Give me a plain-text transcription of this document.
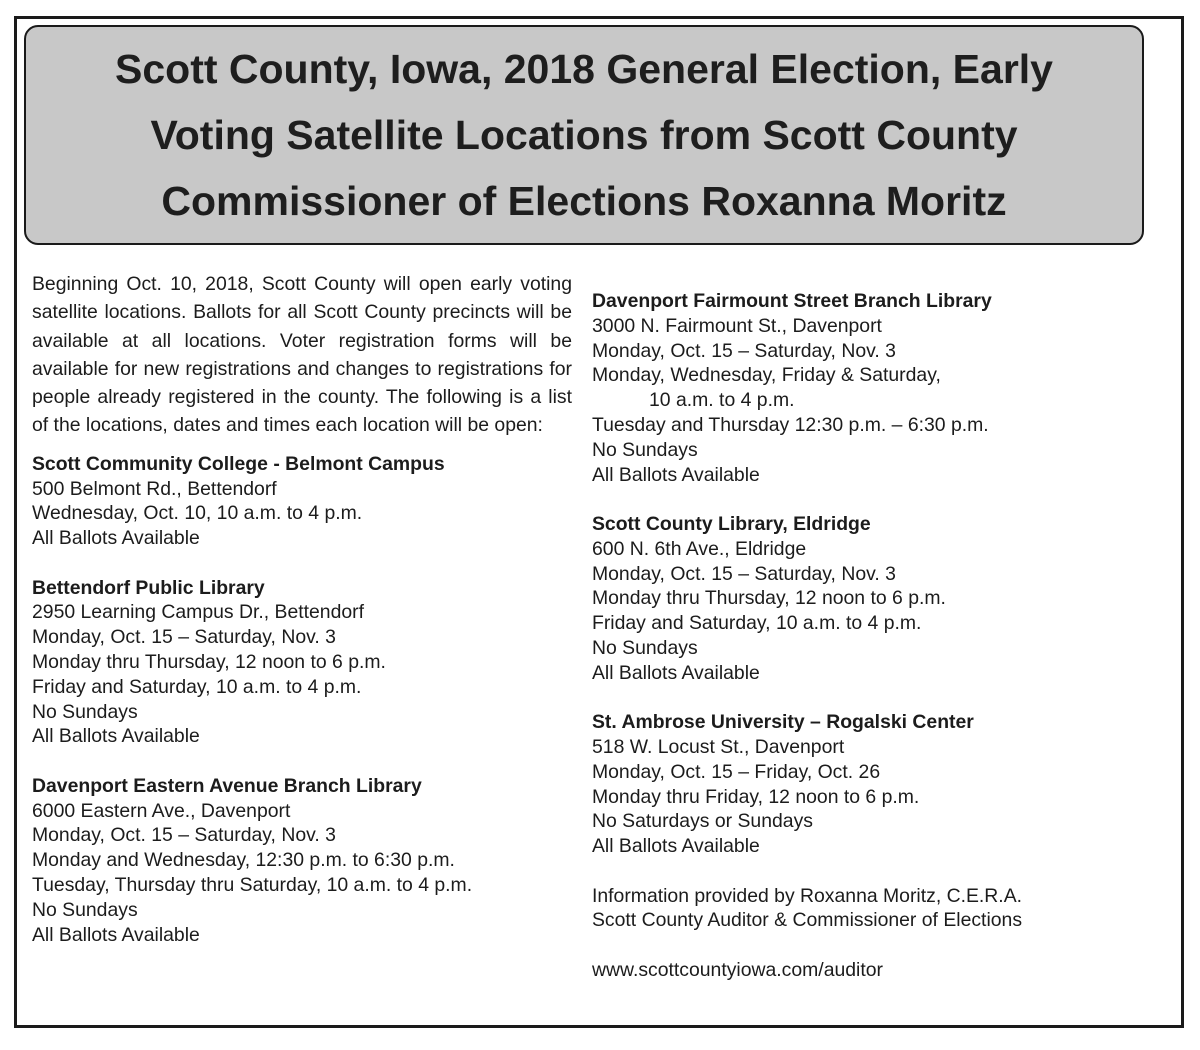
Scott County, Iowa, 2018 General Election, Early Voting Satellite Locations from Scott County Commissioner of Elections Roxanna Moritz

Beginning Oct. 10, 2018, Scott County will open early voting satellite locations. Ballots for all Scott County precincts will be available at all locations. Voter registration forms will be available for new registrations and changes to registrations for people already registered in the county. The following is a list of the locations, dates and times each location will be open:

Scott Community College - Belmont Campus
500 Belmont Rd., Bettendorf
Wednesday, Oct. 10, 10 a.m. to 4 p.m.
All Ballots Available
Bettendorf Public Library
2950 Learning Campus Dr., Bettendorf
Monday, Oct. 15 – Saturday, Nov. 3
Monday thru Thursday, 12 noon to 6 p.m.
Friday and Saturday, 10 a.m. to 4 p.m.
No Sundays
All Ballots Available
Davenport Eastern Avenue Branch Library
6000 Eastern Ave., Davenport
Monday, Oct. 15 – Saturday, Nov. 3
Monday and Wednesday, 12:30 p.m. to 6:30 p.m.
Tuesday, Thursday thru Saturday, 10 a.m. to 4 p.m.
No Sundays
All Ballots Available
Davenport Fairmount Street Branch Library
3000 N. Fairmount St., Davenport
Monday, Oct. 15 – Saturday, Nov. 3
Monday, Wednesday, Friday & Saturday,
10 a.m. to 4 p.m.
Tuesday and Thursday 12:30 p.m. – 6:30 p.m.
No Sundays
All Ballots Available
Scott County Library, Eldridge
600 N. 6th Ave., Eldridge
Monday, Oct. 15 – Saturday, Nov. 3
Monday thru Thursday, 12 noon to 6 p.m.
Friday and Saturday, 10 a.m. to 4 p.m.
No Sundays
All Ballots Available
St. Ambrose University – Rogalski Center
518 W. Locust St., Davenport
Monday, Oct. 15 – Friday, Oct. 26
Monday thru Friday, 12 noon to 6 p.m.
No Saturdays or Sundays
All Ballots Available
Information provided by Roxanna Moritz, C.E.R.A.
Scott County Auditor & Commissioner of Elections
www.scottcountyiowa.com/auditor
